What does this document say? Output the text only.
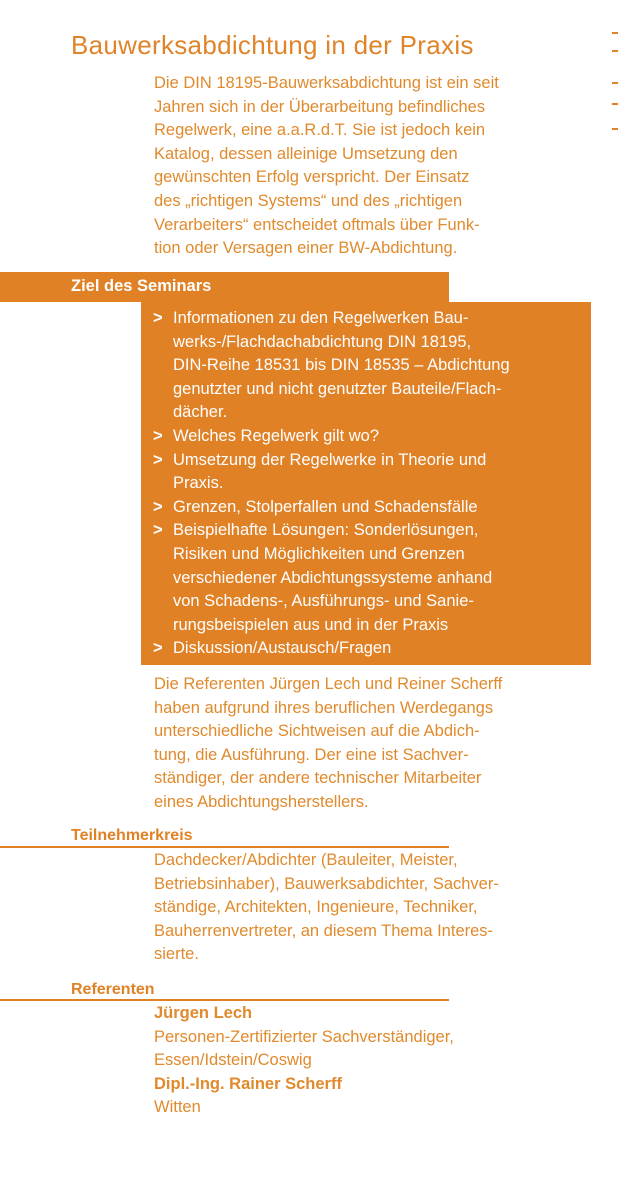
Bauwerksabdichtung in der Praxis

Die DIN 18195-Bauwerksabdichtung ist ein seit

Jahren sich in der Überarbeitung befindliches

Regelwerk, eine a.a.R.d.T. Sie ist jedoch kein

Katalog, dessen alleinige Umsetzung den

gewünschten Erfolg verspricht. Der Einsatz

des „richtigen Systems“ und des „richtigen

Verarbeiters“ entscheidet oftmals über Funk-

tion oder Versagen einer BW-Abdichtung.

Ziel des Seminars
> Informationen zu den Regelwerken Bau-
werks-/Flachdachabdichtung DIN 18195,
DIN-Reihe 18531 bis DIN 18535 – Abdichtung
genutzter und nicht genutzter Bauteile/Flach-
dächer.
> Welches Regelwerk gilt wo?
> Umsetzung der Regelwerke in Theorie und
Praxis.
> Grenzen, Stolperfallen und Schadensfälle
> Beispielhafte Lösungen: Sonderlösungen,
Risiken und Möglichkeiten und Grenzen
verschiedener Abdichtungssysteme anhand
von Schadens-, Ausführungs- und Sanie-
rungsbeispielen aus und in der Praxis
> Diskussion/Austausch/Fragen

Die Referenten Jürgen Lech und Reiner Scherff

haben aufgrund ihres beruflichen Werdegangs

unterschiedliche Sichtweisen auf die Abdich-

tung, die Ausführung. Der eine ist Sachver-

ständiger, der andere technischer Mitarbeiter

eines Abdichtungsherstellers.

Teilnehmerkreis

Dachdecker/Abdichter (Bauleiter, Meister,

Betriebsinhaber), Bauwerksabdichter, Sachver-

ständige, Architekten, Ingenieure, Techniker,

Bauherrenvertreter, an diesem Thema Interes-

sierte.

Referenten

Jürgen Lech

Personen-Zertifizierter Sachverständiger,

Essen/Idstein/Coswig

Dipl.-Ing. Rainer Scherff

Witten
